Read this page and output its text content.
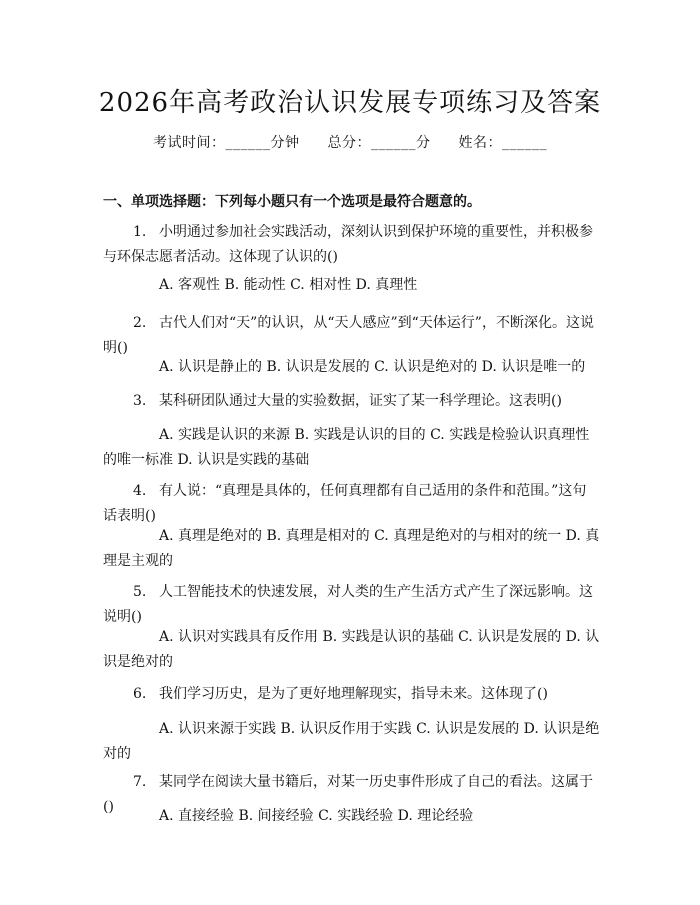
2026年高考政治认识发展专项练习及答案
考试时间：______分钟 总分：______分 姓名：______
一、单项选择题：下列每小题只有一个选项是最符合题意的。
1. 小明通过参加社会实践活动，深刻认识到保护环境的重要性，并积极参与环保志愿者活动。这体现了认识的()
A. 客观性 B. 能动性 C. 相对性 D. 真理性
2. 古代人们对“天”的认识，从“天人感应”到“天体运行”，不断深化。这说明()
A. 认识是静止的 B. 认识是发展的 C. 认识是绝对的 D. 认识是唯一的
3. 某科研团队通过大量的实验数据，证实了某一科学理论。这表明()
A. 实践是认识的来源 B. 实践是认识的目的 C. 实践是检验认识真理性的唯一标准 D. 认识是实践的基础
4. 有人说：“真理是具体的，任何真理都有自己适用的条件和范围。”这句话表明()
A. 真理是绝对的 B. 真理是相对的 C. 真理是绝对的与相对的统一 D. 真理是主观的
5. 人工智能技术的快速发展，对人类的生产生活方式产生了深远影响。这说明()
A. 认识对实践具有反作用 B. 实践是认识的基础 C. 认识是发展的 D. 认识是绝对的
6. 我们学习历史，是为了更好地理解现实，指导未来。这体现了()
A. 认识来源于实践 B. 认识反作用于实践 C. 认识是发展的 D. 认识是绝对的
7. 某同学在阅读大量书籍后，对某一历史事件形成了自己的看法。这属于()
A. 直接经验 B. 间接经验 C. 实践经验 D. 理论经验
